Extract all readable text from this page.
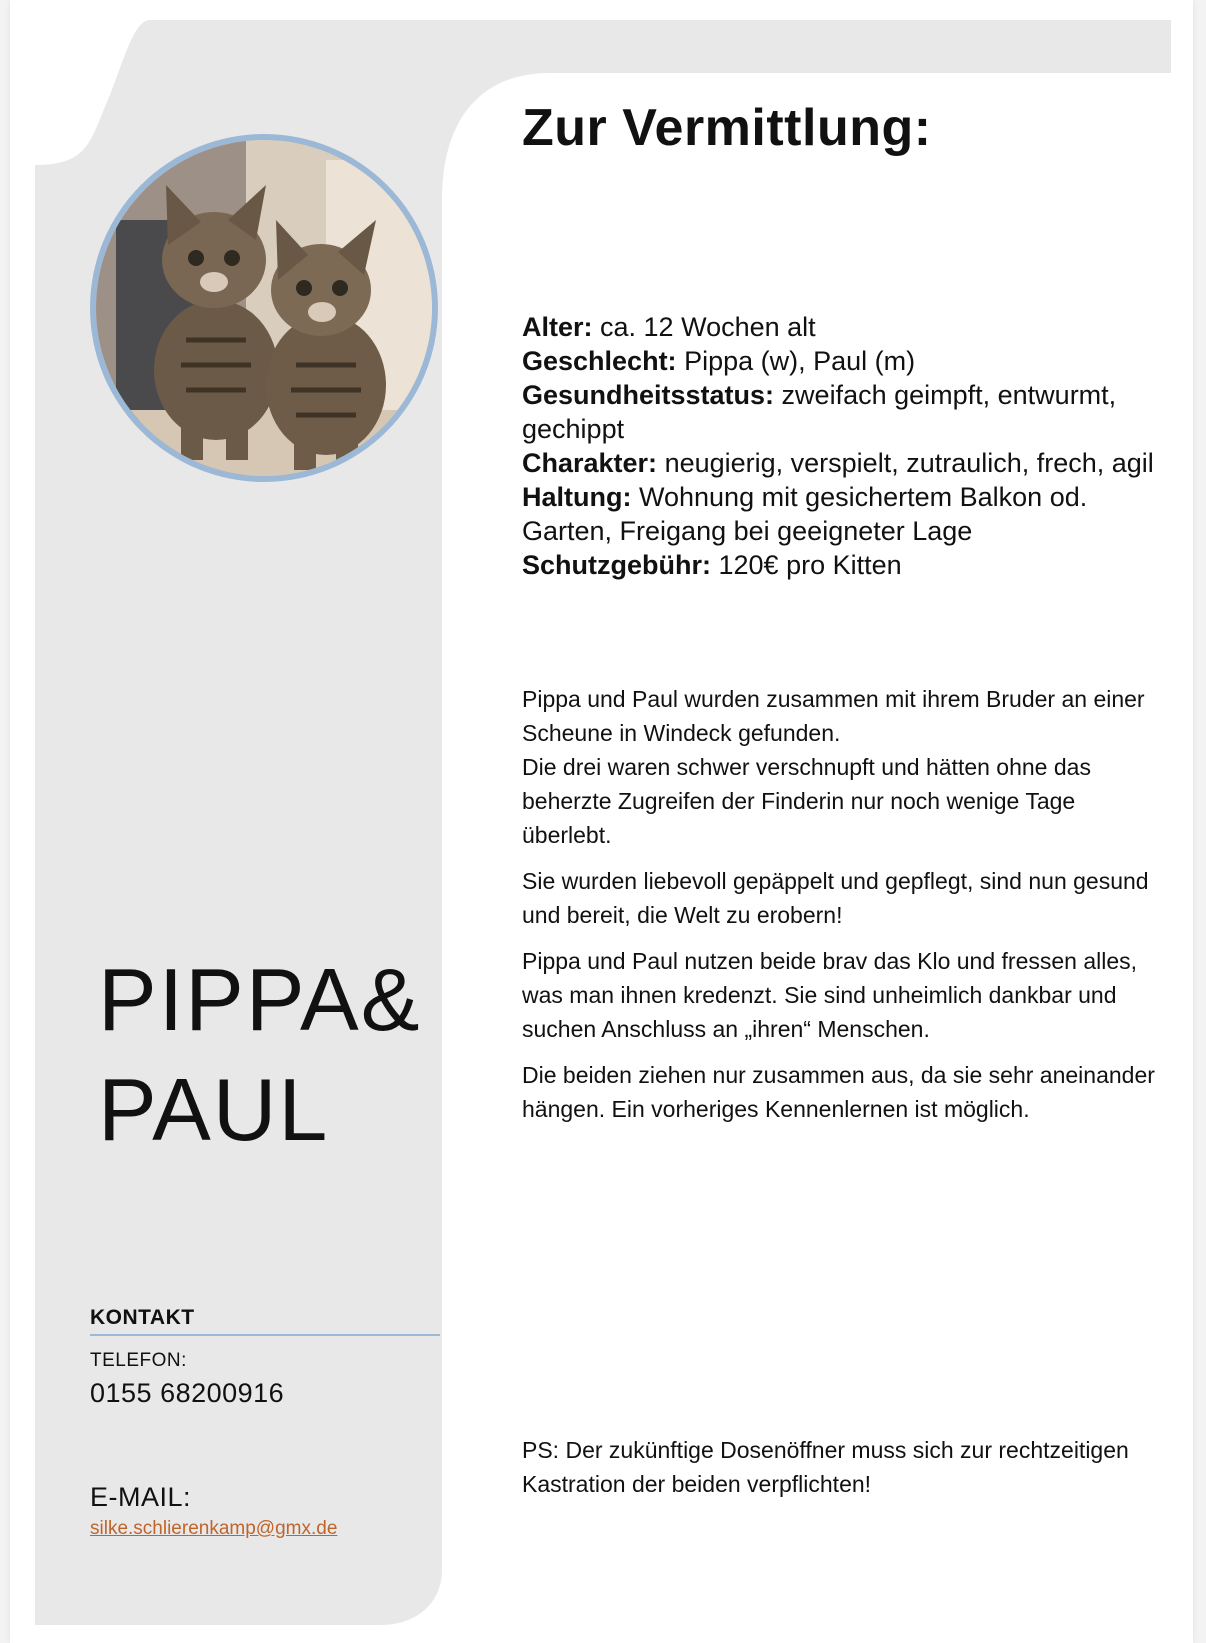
Zur Vermittlung:
Alter: ca. 12 Wochen alt
Geschlecht: Pippa (w), Paul (m)
Gesundheitsstatus: zweifach geimpft, entwurmt, gechippt
Charakter: neugierig, verspielt, zutraulich, frech, agil
Haltung: Wohnung mit gesichertem Balkon od. Garten, Freigang bei geeigneter Lage
Schutzgebühr: 120€ pro Kitten

Pippa und Paul wurden zusammen mit ihrem Bruder an einer Scheune in Windeck gefunden.
Die drei waren schwer verschnupft und hätten ohne das beherzte Zugreifen der Finderin nur noch wenige Tage überlebt.

Sie wurden liebevoll gepäppelt und gepflegt, sind nun gesund und bereit, die Welt zu erobern!

Pippa und Paul nutzen beide brav das Klo und fressen alles, was man ihnen kredenzt. Sie sind unheimlich dankbar und suchen Anschluss an „ihren“ Menschen.

Die beiden ziehen nur zusammen aus, da sie sehr aneinander hängen. Ein vorheriges Kennenlernen ist möglich.

PS: Der zukünftige Dosenöffner muss sich zur rechtzeitigen Kastration der beiden verpflichten!

PIPPA&
PAUL
KONTAKT
TELEFON:
0155 68200916
E-MAIL:
silke.schlierenkamp@gmx.de
